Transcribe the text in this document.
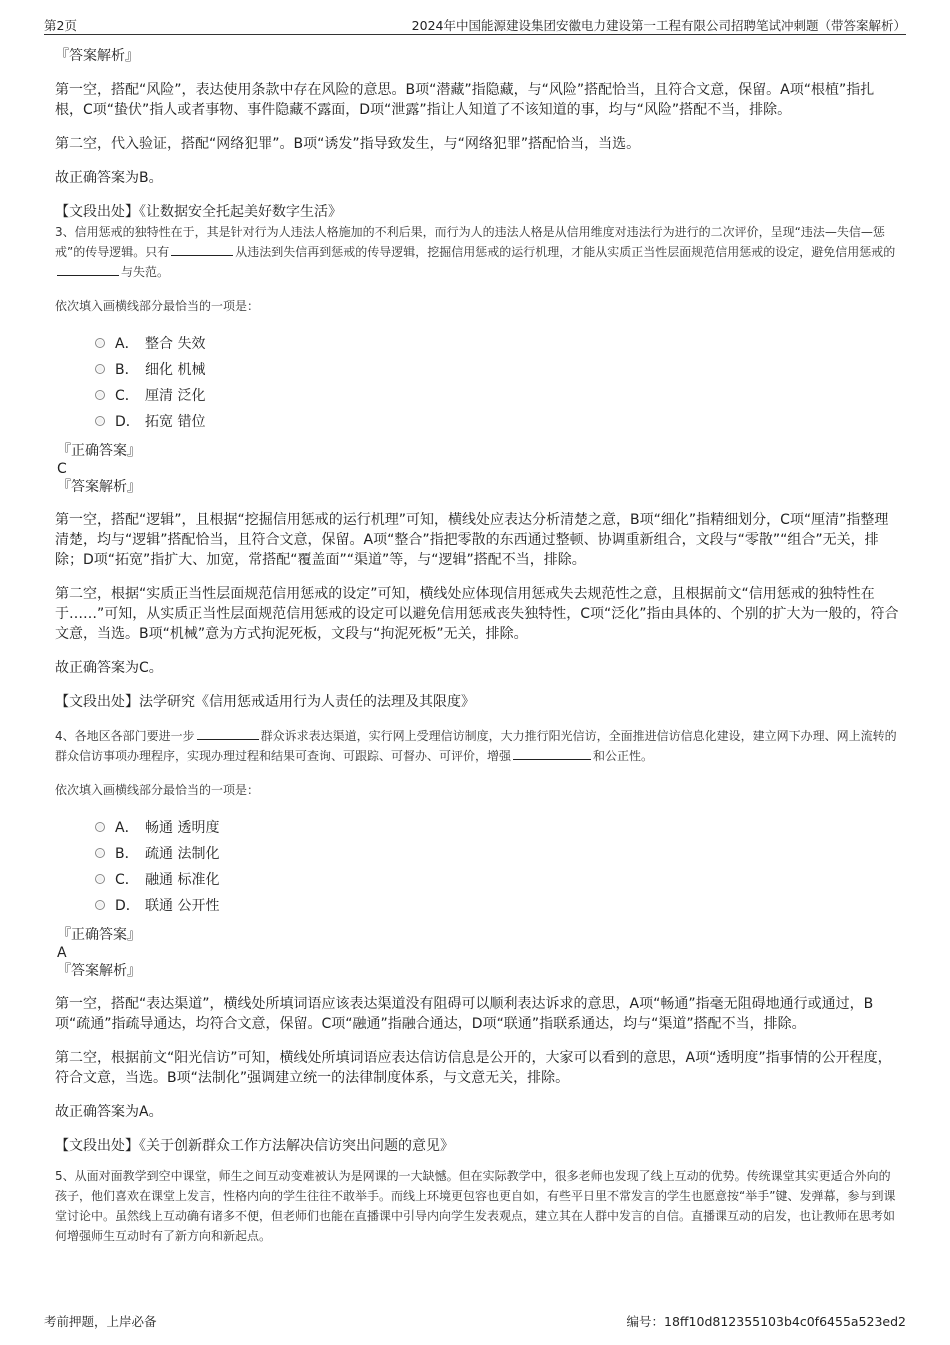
第2页	2024年中国能源建设集团安徽电力建设第一工程有限公司招聘笔试冲刺题（带答案解析）

『答案解析』

第一空，搭配“风险”，表达使用条款中存在风险的意思。B项“潜藏”指隐藏，与“风险”搭配恰当，且符合文意，保留。A项“根植”指扎根，C项“蛰伏”指人或者事物、事件隐藏不露面，D项“泄露”指让人知道了不该知道的事，均与“风险”搭配不当，排除。

第二空，代入验证，搭配“网络犯罪”。B项“诱发”指导致发生，与“网络犯罪”搭配恰当，当选。

故正确答案为B。

【文段出处】《让数据安全托起美好数字生活》

3、信用惩戒的独特性在于，其是针对行为人违法人格施加的不利后果，而行为人的违法人格是从信用维度对违法行为进行的二次评价，呈现“违法—失信—惩戒”的传导逻辑。只有	从违法到失信再到惩戒的传导逻辑，挖掘信用惩戒的运行机理，才能从实质正当性层面规范信用惩戒的设定，避免信用惩戒的与失范。

依次填入画横线部分最恰当的一项是：

A． 整合 失效
B． 细化 机械
C． 厘清 泛化
D． 拓宽 错位

『正确答案』

C

『答案解析』

第一空，搭配“逻辑”，且根据“挖掘信用惩戒的运行机理”可知，横线处应表达分析清楚之意，B项“细化”指精细划分，C项“厘清”指整理清楚，均与“逻辑”搭配恰当，且符合文意，保留。A项“整合”指把零散的东西通过整顿、协调重新组合，文段与“零散”“组合”无关，排除；D项“拓宽”指扩大、加宽，常搭配“覆盖面”“渠道”等，与“逻辑”搭配不当，排除。

第二空，根据“实质正当性层面规范信用惩戒的设定”可知，横线处应体现信用惩戒失去规范性之意，且根据前文“信用惩戒的独特性在于……”可知，从实质正当性层面规范信用惩戒的设定可以避免信用惩戒丧失独特性，C项“泛化”指由具体的、个别的扩大为一般的，符合文意，当选。B项“机械”意为方式拘泥死板，文段与“拘泥死板”无关，排除。

故正确答案为C。

【文段出处】法学研究《信用惩戒适用行为人责任的法理及其限度》

4、各地区各部门要进一步	群众诉求表达渠道，实行网上受理信访制度，大力推行阳光信访，全面推进信访信息化建设，建立网下办理、网上流转的群众信访事项办理程序，实现办理过程和结果可查询、可跟踪、可督办、可评价，增强	和公正性。

依次填入画横线部分最恰当的一项是：

A． 畅通 透明度
B． 疏通 法制化
C． 融通 标准化
D． 联通 公开性

『正确答案』

A

『答案解析』

第一空，搭配“表达渠道”，横线处所填词语应该表达渠道没有阻碍可以顺利表达诉求的意思，A项“畅通”指毫无阻碍地通行或通过，B项“疏通”指疏导通达，均符合文意，保留。C项“融通”指融合通达，D项“联通”指联系通达，均与“渠道”搭配不当，排除。

第二空，根据前文“阳光信访”可知，横线处所填词语应表达信访信息是公开的，大家可以看到的意思，A项“透明度”指事情的公开程度，符合文意，当选。B项“法制化”强调建立统一的法律制度体系，与文意无关，排除。

故正确答案为A。

【文段出处】《关于创新群众工作方法解决信访突出问题的意见》

5、从面对面教学到空中课堂，师生之间互动变难被认为是网课的一大缺憾。但在实际教学中，很多老师也发现了线上互动的优势。传统课堂其实更适合外向的孩子，他们喜欢在课堂上发言，性格内向的学生往往不敢举手。而线上环境更包容也更自如，有些平日里不常发言的学生也愿意按“举手”键、发弹幕，参与到课堂讨论中。虽然线上互动确有诸多不便，但老师们也能在直播课中引导内向学生发表观点，建立其在人群中发言的自信。直播课互动的启发，也让教师在思考如何增强师生互动时有了新方向和新起点。

考前押题，上岸必备	编号：18ff10d812355103b4c0f6455a523ed2
